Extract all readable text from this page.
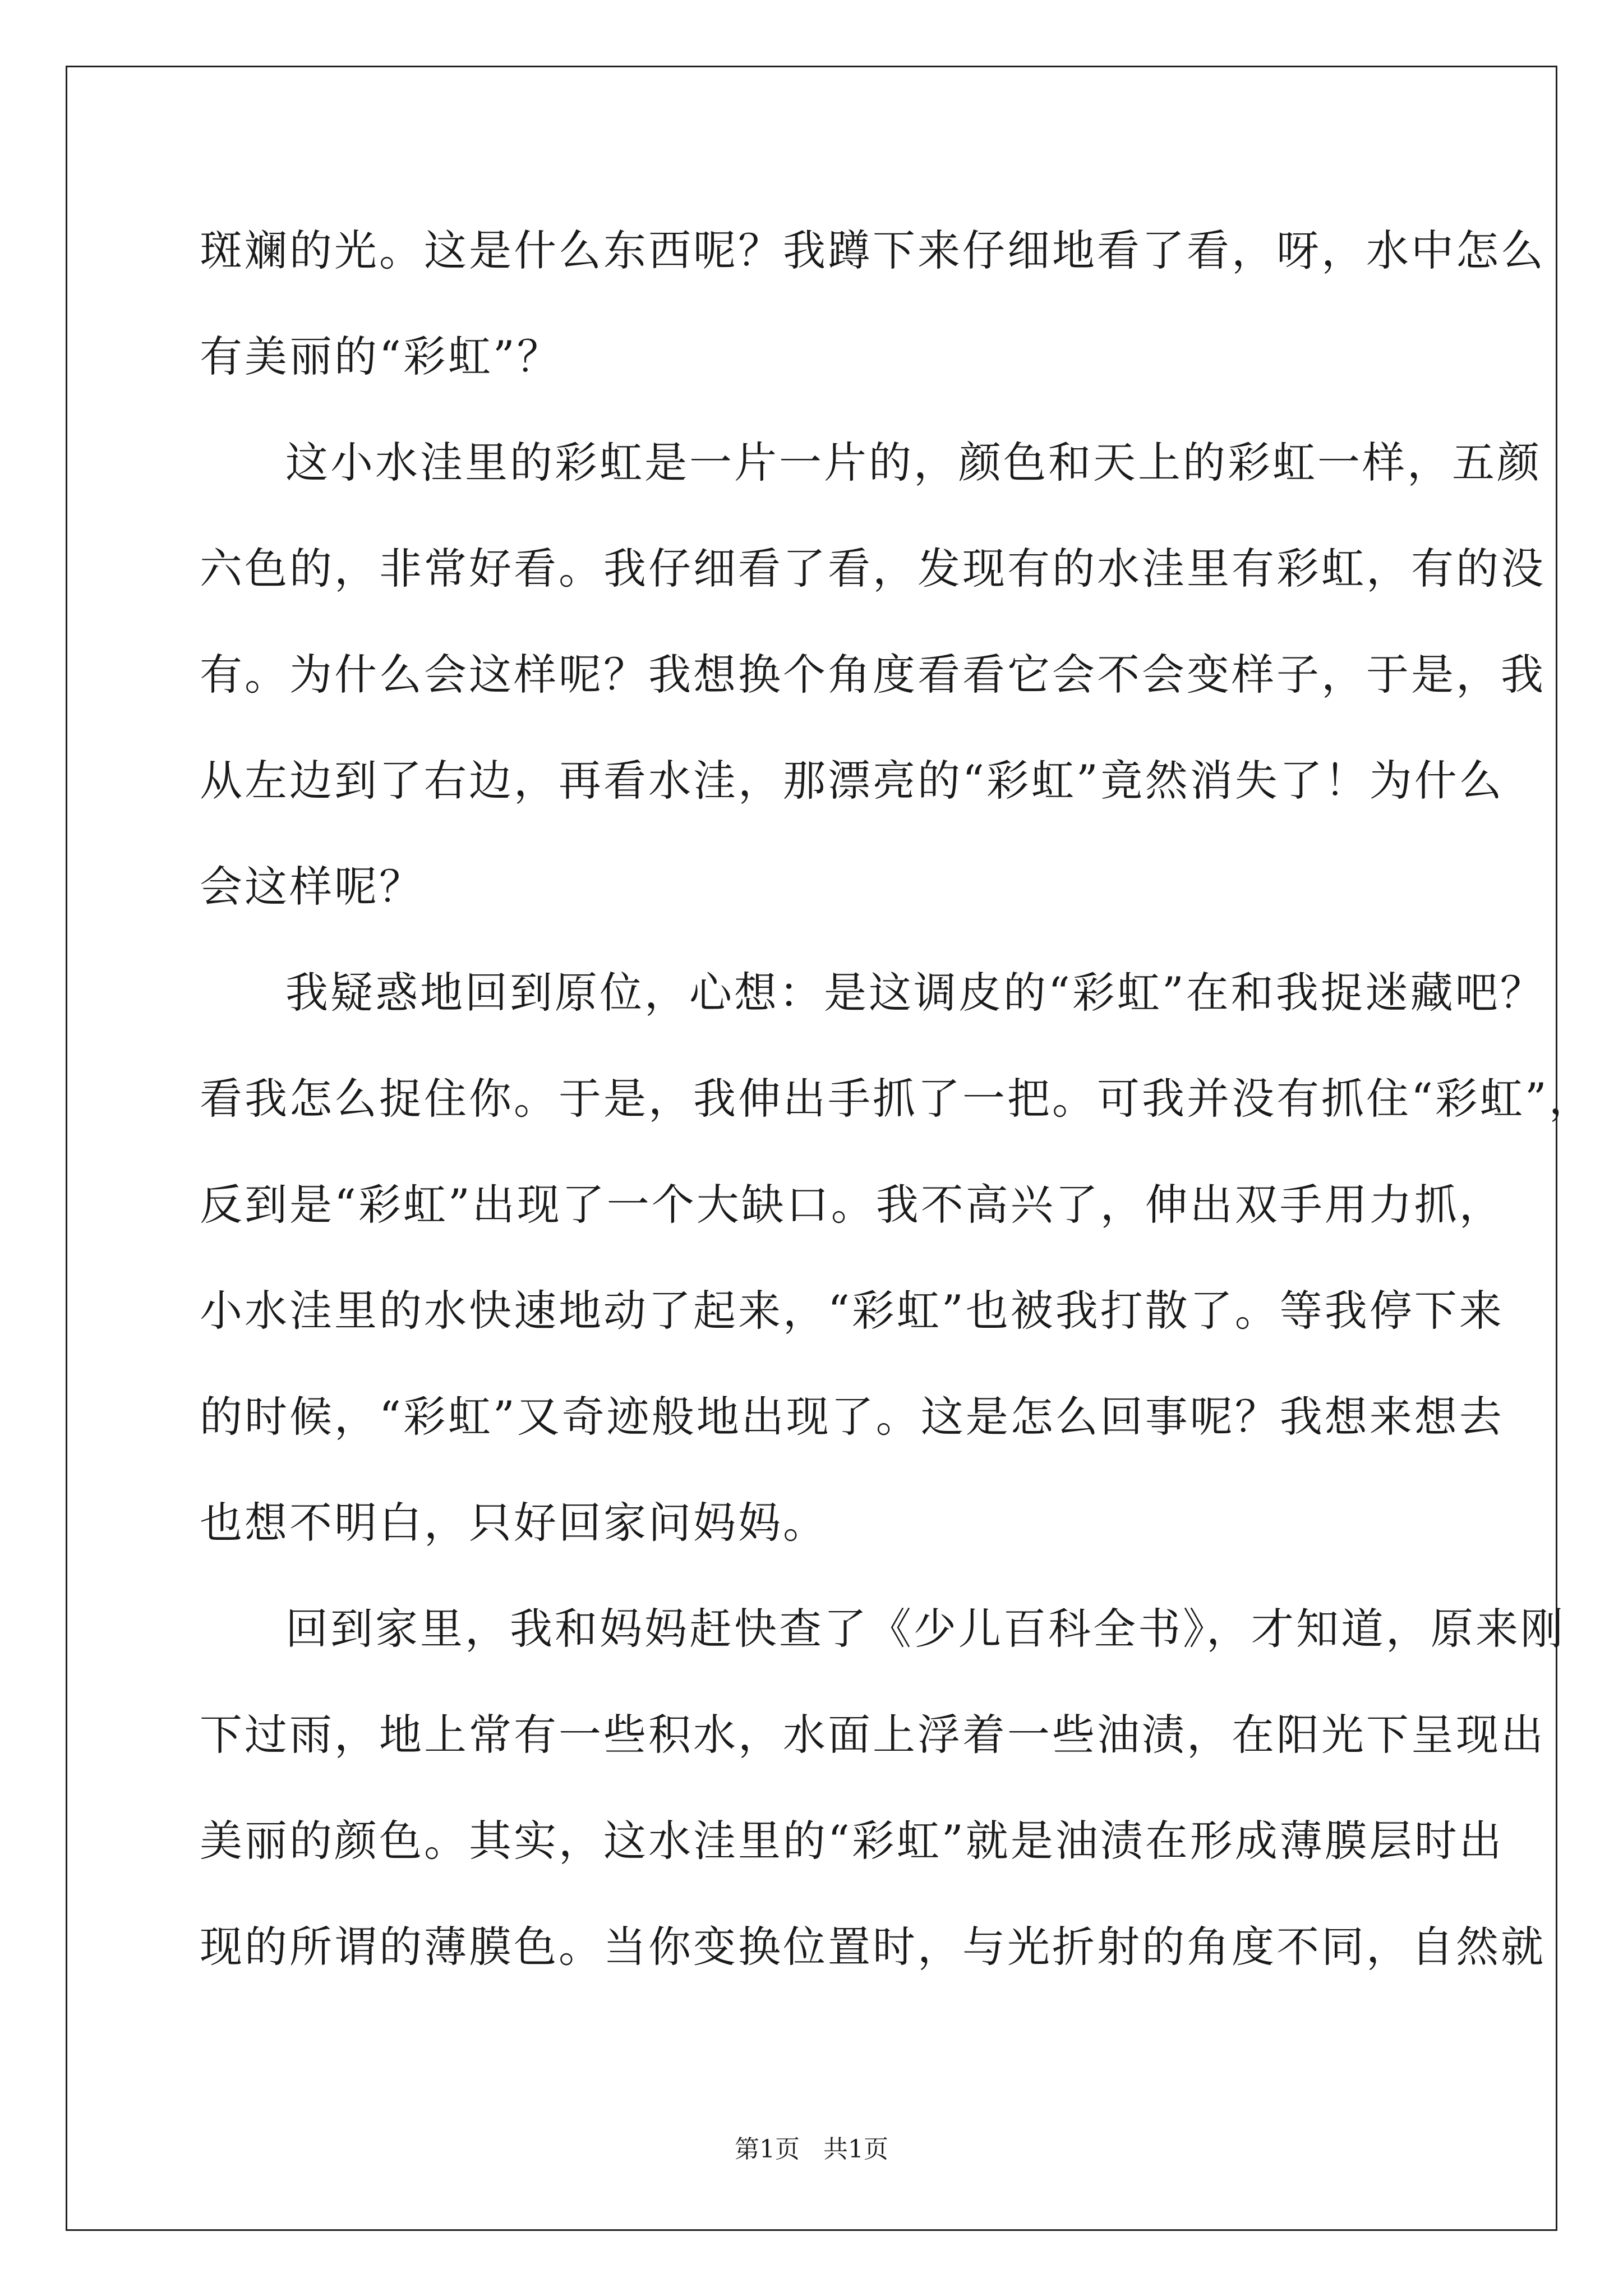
斑斓的光。这是什么东西呢？我蹲下来仔细地看了看，呀，水中怎么
有美丽的“彩虹”？
这小水洼里的彩虹是一片一片的，颜色和天上的彩虹一样，五颜
六色的，非常好看。我仔细看了看，发现有的水洼里有彩虹，有的没
有。为什么会这样呢？我想换个角度看看它会不会变样子，于是，我
从左边到了右边，再看水洼，那漂亮的“彩虹”竟然消失了！为什么
会这样呢？
我疑惑地回到原位，心想：是这调皮的“彩虹”在和我捉迷藏吧？
看我怎么捉住你。于是，我伸出手抓了一把。可我并没有抓住“彩虹”，
反到是“彩虹”出现了一个大缺口。我不高兴了，伸出双手用力抓，
小水洼里的水快速地动了起来，“彩虹”也被我打散了。等我停下来
的时候，“彩虹”又奇迹般地出现了。这是怎么回事呢？我想来想去
也想不明白，只好回家问妈妈。
回到家里，我和妈妈赶快查了《少儿百科全书》，才知道，原来刚
下过雨，地上常有一些积水，水面上浮着一些油渍，在阳光下呈现出
美丽的颜色。其实，这水洼里的“彩虹”就是油渍在形成薄膜层时出
现的所谓的薄膜色。当你变换位置时，与光折射的角度不同，自然就
第1页 共1页
